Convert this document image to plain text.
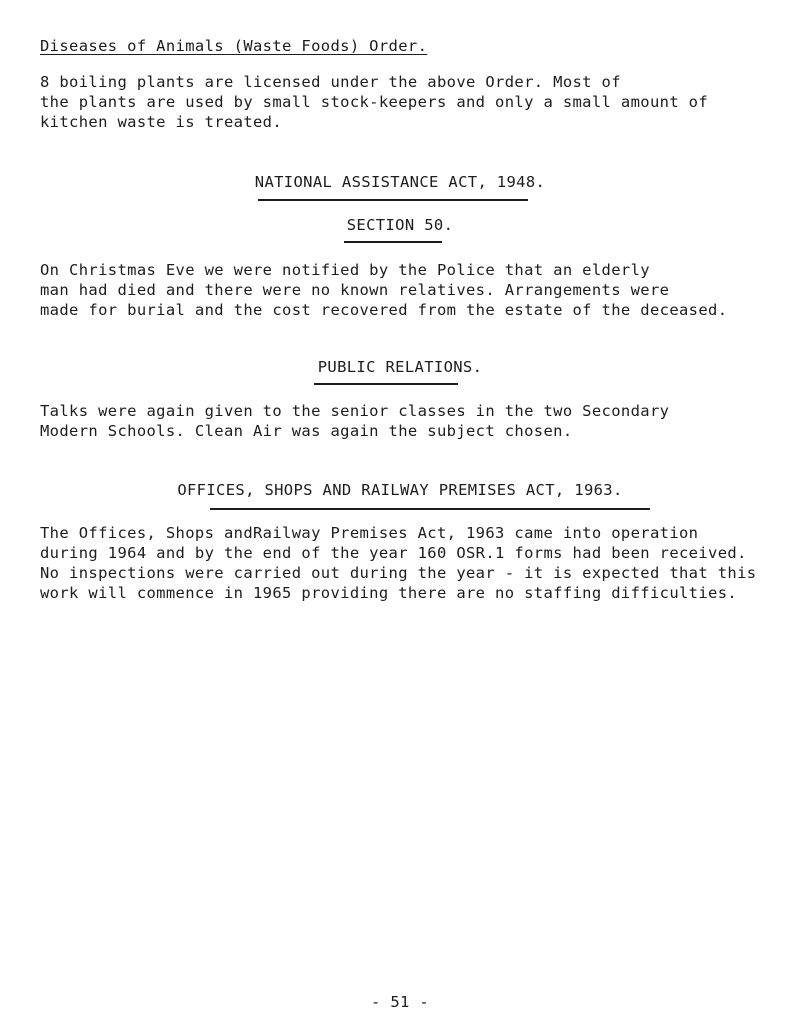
Diseases of Animals (Waste Foods) Order.
8 boiling plants are licensed under the above Order. Most of
the plants are used by small stock-keepers and only a small amount of
kitchen waste is treated.
NATIONAL ASSISTANCE ACT, 1948.
SECTION 50.
On Christmas Eve we were notified by the Police that an elderly
man had died and there were no known relatives. Arrangements were
made for burial and the cost recovered from the estate of the deceased.
PUBLIC RELATIONS.
Talks were again given to the senior classes in the two Secondary
Modern Schools. Clean Air was again the subject chosen.
OFFICES, SHOPS AND RAILWAY PREMISES ACT, 1963.
The Offices, Shops andRailway Premises Act, 1963 came into operation
during 1964 and by the end of the year 160 OSR.1 forms had been received.
No inspections were carried out during the year - it is expected that this
work will commence in 1965 providing there are no staffing difficulties.
- 51 -
